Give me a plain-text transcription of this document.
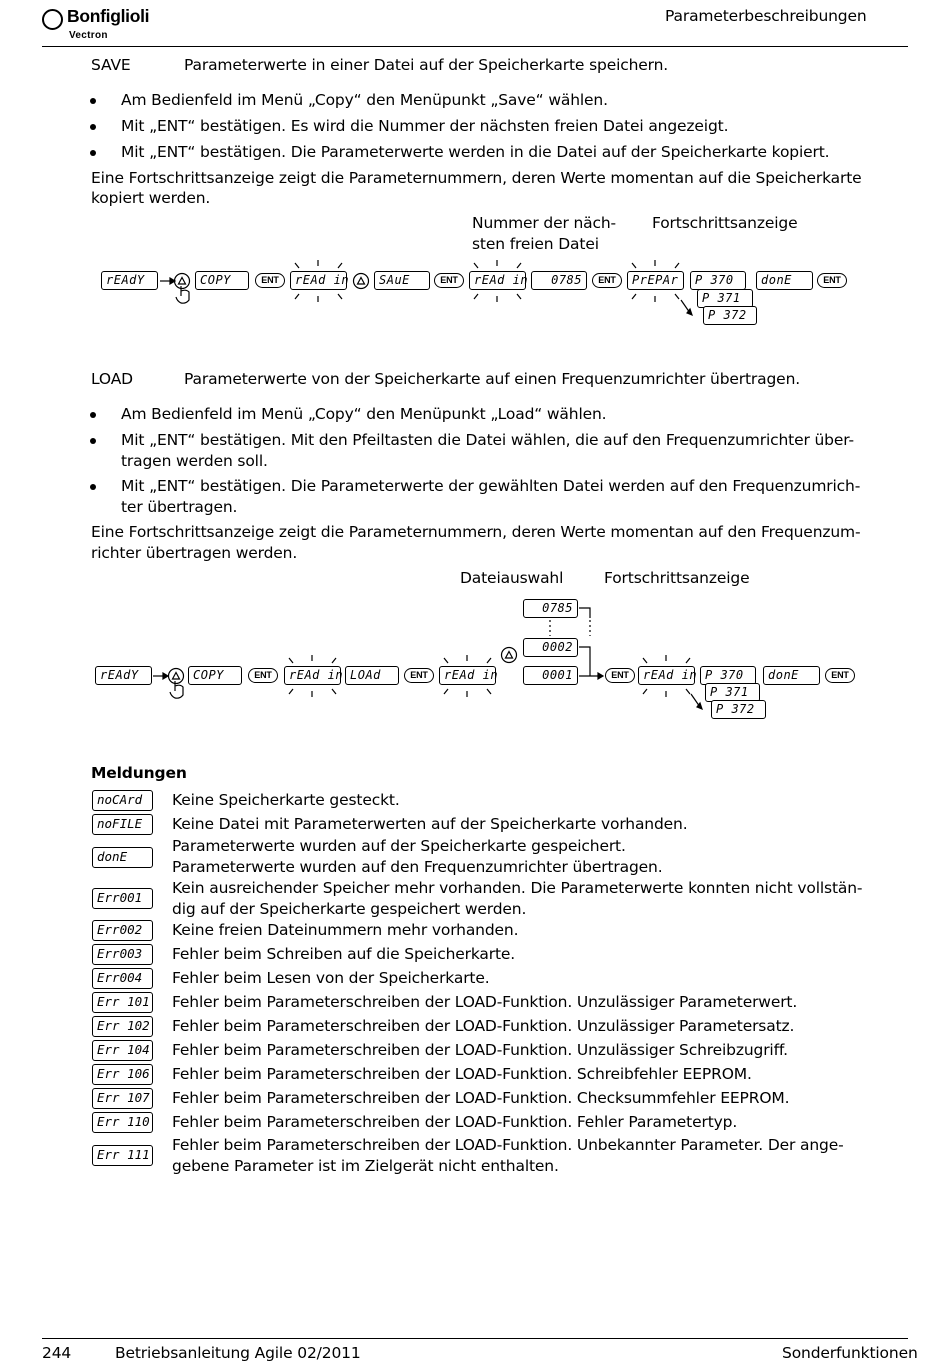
Bonfiglioli
Vectron
Parameterbeschreibungen
SAVE	Parameterwerte in einer Datei auf der Speicherkarte speichern.
Am Bedienfeld im Menü „Copy“ den Menüpunkt „Save“ wählen.
Mit „ENT“ bestätigen. Es wird die Nummer der nächsten freien Datei angezeigt.
Mit „ENT“ bestätigen. Die Parameterwerte werden in die Datei auf der Speicherkarte kopiert.
Eine Fortschrittsanzeige zeigt die Parameternummern, deren Werte momentan auf die Speicherkarte
kopiert werden.
Nummer der näch-
sten freien Datei
Fortschrittsanzeige
rEAdY	COPY	ENT	rEAd in	SAuE	ENT	rEAd in	0785	ENT	PrEPAr	P 370	donE	ENT
P 371
P 372
LOAD	Parameterwerte von der Speicherkarte auf einen Frequenzumrichter übertragen.
Am Bedienfeld im Menü „Copy“ den Menüpunkt „Load“ wählen.
Mit „ENT“ bestätigen. Mit den Pfeiltasten die Datei wählen, die auf den Frequenzumrichter über-
tragen werden soll.
Mit „ENT“ bestätigen. Die Parameterwerte der gewählten Datei werden auf den Frequenzumrich-
ter übertragen.
Eine Fortschrittsanzeige zeigt die Parameternummern, deren Werte momentan auf den Frequenzum-
richter übertragen werden.
Dateiauswahl	Fortschrittsanzeige
rEAdY	COPY	ENT	rEAd in LOAd	ENT	rEAd in
0785
0002
0001	ENT	rEAd in P 370	donE	ENT
P 371
P 372
Meldungen
noCArd	Keine Speicherkarte gesteckt.
noFILE	Keine Datei mit Parameterwerten auf der Speicherkarte vorhanden.
donE
Parameterwerte wurden auf der Speicherkarte gespeichert.
Parameterwerte wurden auf den Frequenzumrichter übertragen.
Err001
Kein ausreichender Speicher mehr vorhanden. Die Parameterwerte konnten nicht vollstän-
dig auf der Speicherkarte gespeichert werden.
Err002	Keine freien Dateinummern mehr vorhanden.
Err003	Fehler beim Schreiben auf die Speicherkarte.
Err004	Fehler beim Lesen von der Speicherkarte.
Err 101 Fehler beim Parameterschreiben der LOAD-Funktion. Unzulässiger Parameterwert.
Err 102 Fehler beim Parameterschreiben der LOAD-Funktion. Unzulässiger Parametersatz.
Err 104 Fehler beim Parameterschreiben der LOAD-Funktion. Unzulässiger Schreibzugriff.
Err 106 Fehler beim Parameterschreiben der LOAD-Funktion. Schreibfehler EEPROM.
Err 107 Fehler beim Parameterschreiben der LOAD-Funktion. Checksummfehler EEPROM.
Err 110 Fehler beim Parameterschreiben der LOAD-Funktion. Fehler Parametertyp.
Err 111
Fehler beim Parameterschreiben der LOAD-Funktion. Unbekannter Parameter. Der ange-
gebene Parameter ist im Zielgerät nicht enthalten.
244	Betriebsanleitung Agile 02/2011	Sonderfunktionen
